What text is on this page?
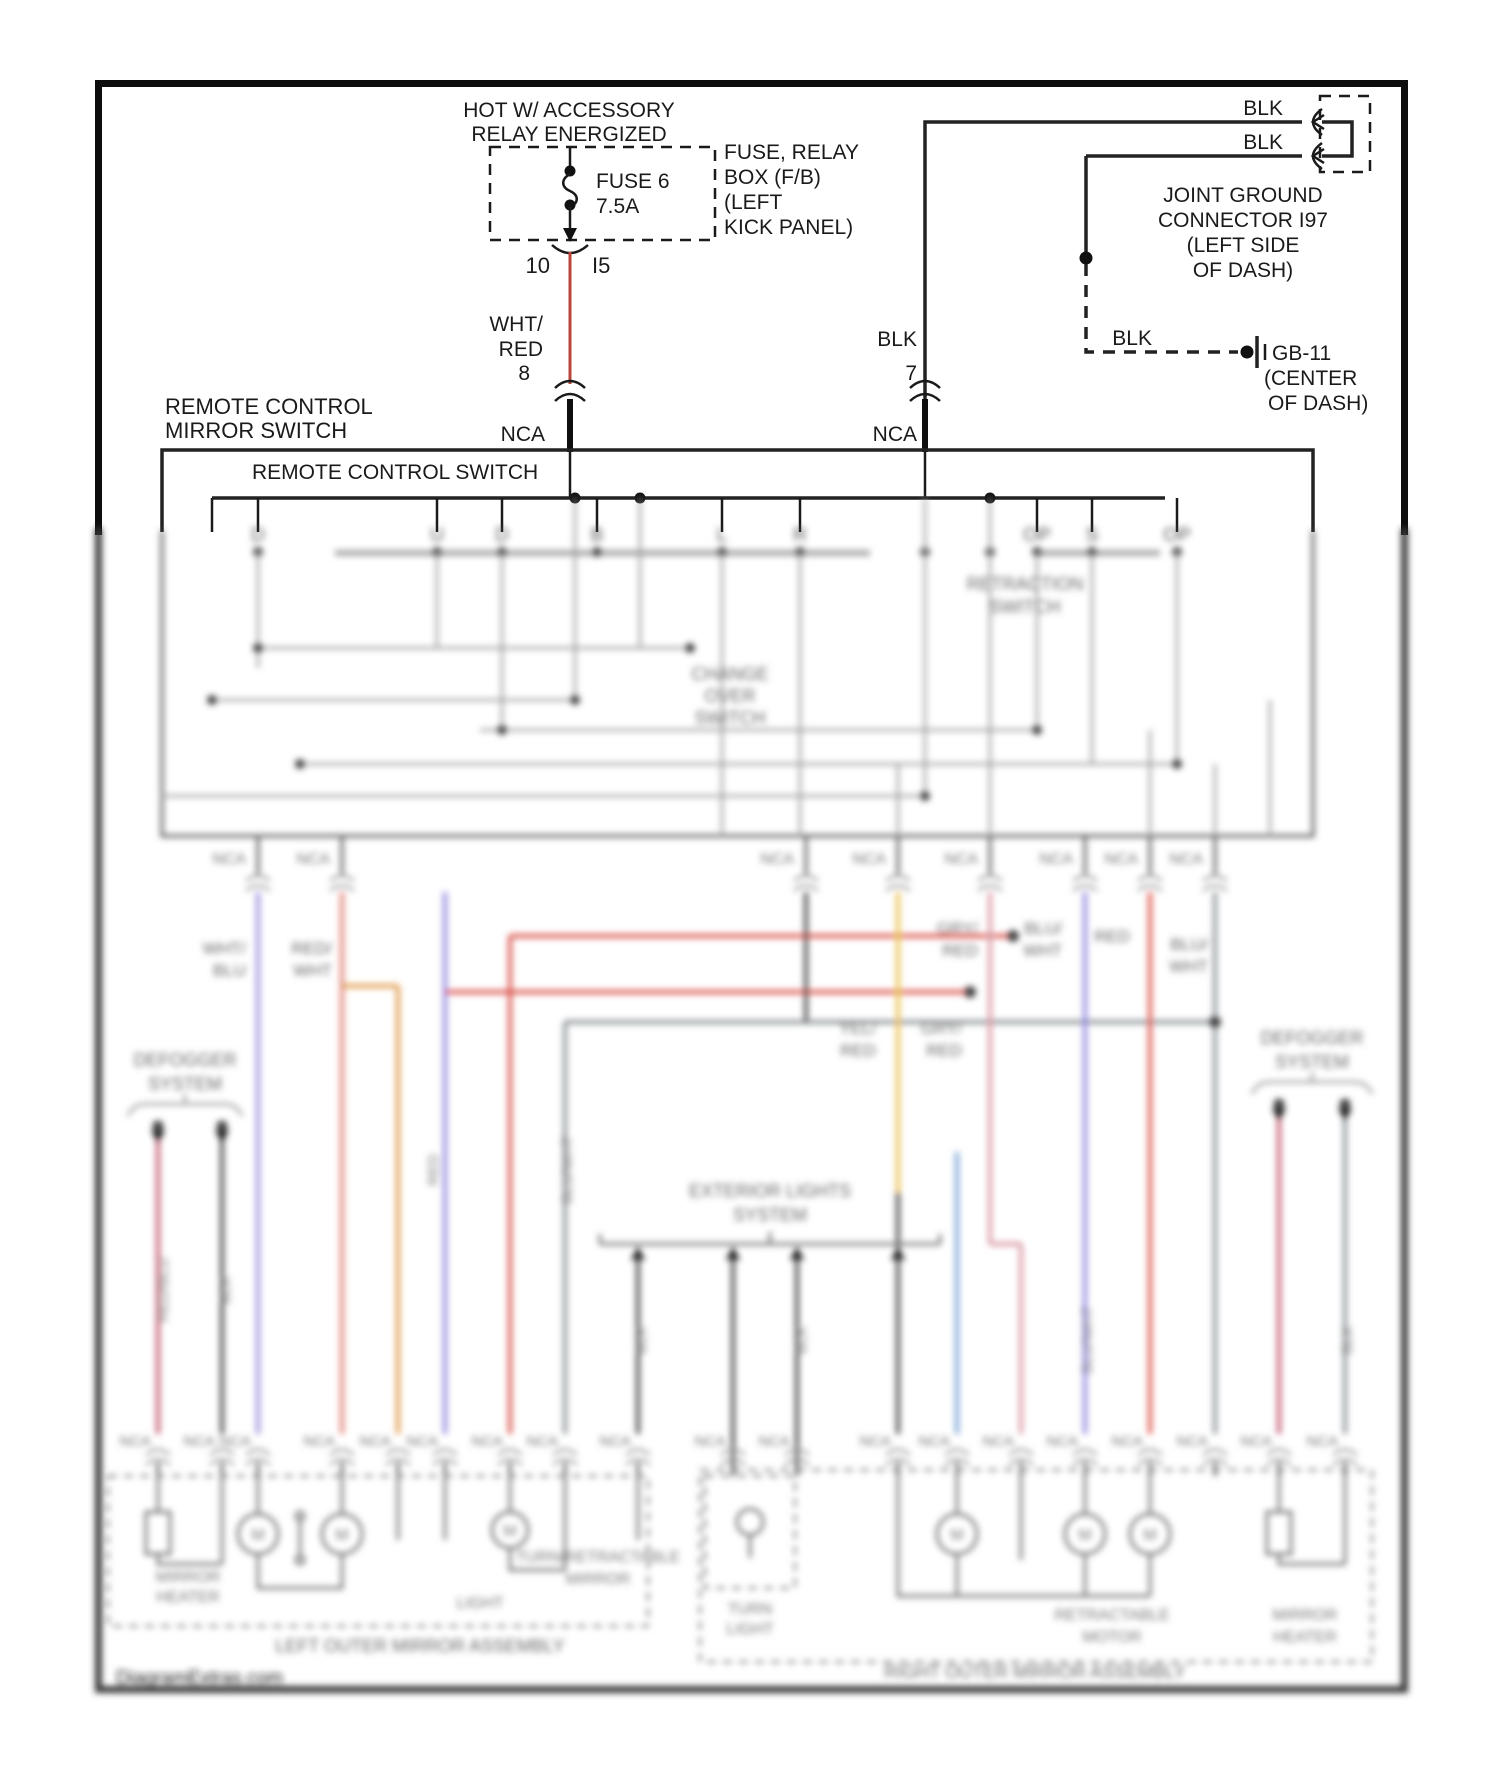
HOT W/ ACCESSORY
RELAY ENERGIZED
FUSE 6
7.5A
FUSE, RELAY
BOX (F/B)
(LEFT
KICK PANEL)
10 I5
WHT/
RED
8
NCA
REMOTE CONTROL
MIRROR SWITCH
BLK
7
NCA
BLK
BLK
BLK
GB-11
(CENTER
OF DASH)
JOINT GROUND
CONNECTOR I97
(LEFT SIDE
OF DASH)
REMOTE CONTROL SWITCH
D	U	D	B	L	R	OP S	OP
RETRACTION
SWITCH
CHANGE
OVER
SWITCH
NCA	NCA	NCA	NCA	NCA	NCA NCA NCA
WHT/
BLU
RED/
WHT
GRY/
RED
BLU/
WHT
RED BLU/
WHT
YEL/
RED
GRY/
RED
RED/BLU	BLK
RED	BLU/WHT
BLK	BLK	BLU/WHT	BLK
DEFOGGER
SYSTEM
DEFOGGER
SYSTEM
EXTERIOR LIGHTS
SYSTEM
NCA NCA NCA	NCA NCA NCA NCA NCA	NCA	NCA NCA	NCA NCA NCA NCA NCA NCA NCA NCA
MIRROR
HEATER
M	M	M
LIGHT
TURN/RETRACTABLE
MIRROR
LEFT OUTER MIRROR ASSEMBLY
TURN
LIGHT
M	M	M
RETRACTABLE
MOTOR
MIRROR
HEATER
RIGHT OUTER MIRROR ASSEMBLY
DiagramExtras.com
